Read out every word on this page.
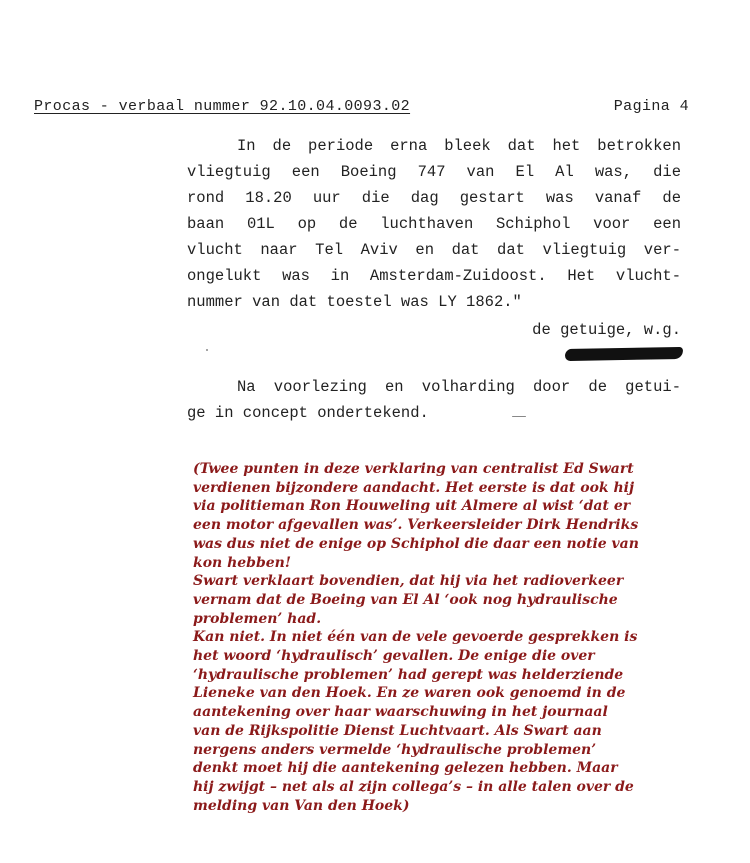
Procas - verbaal nummer 92.10.04.0093.02	Pagina 4
In de periode erna bleek dat het betrokken
vliegtuig een Boeing 747 van El Al was, die
rond 18.20 uur die dag gestart was vanaf de
baan 01L op de luchthaven Schiphol voor een
vlucht naar Tel Aviv en dat dat vliegtuig ver-
ongelukt was in Amsterdam-Zuidoost. Het vlucht-
nummer van dat toestel was LY 1862."
de getuige, w.g.
Na voorlezing en volharding door de getui-
ge in concept ondertekend.
(Twee punten in deze verklaring van centralist Ed Swart
verdienen bijzondere aandacht. Het eerste is dat ook hij
via politieman Ron Houweling uit Almere al wist ‘dat er
een motor afgevallen was’. Verkeersleider Dirk Hendriks
was dus niet de enige op Schiphol die daar een notie van
kon hebben!
Swart verklaart bovendien, dat hij via het radioverkeer
vernam dat de Boeing van El Al ‘ook nog hydraulische
problemen’ had.
Kan niet. In niet één van de vele gevoerde gesprekken is
het woord ‘hydraulisch’ gevallen. De enige die over
‘hydraulische problemen’ had gerept was helderziende
Lieneke van den Hoek. En ze waren ook genoemd in de
aantekening over haar waarschuwing in het journaal
van de Rijkspolitie Dienst Luchtvaart. Als Swart aan
nergens anders vermelde ‘hydraulische problemen’
denkt moet hij die aantekening gelezen hebben. Maar
hij zwijgt – net als al zijn collega’s – in alle talen over de
melding van Van den Hoek)
